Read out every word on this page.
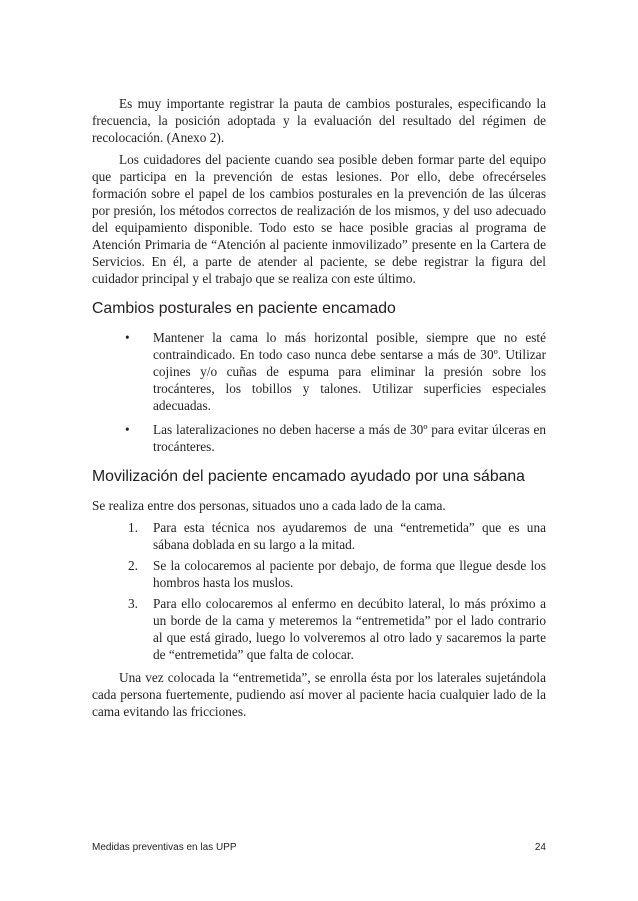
Es muy importante registrar la pauta de cambios posturales, especificando la frecuencia, la posición adoptada y la evaluación del resultado del régimen de recolocación. (Anexo 2).

Los cuidadores del paciente cuando sea posible deben formar parte del equipo que participa en la prevención de estas lesiones. Por ello, debe ofrecérseles formación sobre el papel de los cambios posturales en la prevención de las úlceras por presión, los métodos correctos de realización de los mismos, y del uso adecuado del equipamiento disponible. Todo esto se hace posible gracias al programa de Atención Primaria de “Atención al paciente inmovilizado” presente en la Cartera de Servicios. En él, a parte de atender al paciente, se debe registrar la figura del cuidador principal y el trabajo que se realiza con este último.

Cambios posturales en paciente encamado
• Mantener la cama lo más horizontal posible, siempre que no esté contraindicado. En todo caso nunca debe sentarse a más de 30º. Utilizar cojines y/o cuñas de espuma para eliminar la presión sobre los trocánteres, los tobillos y talones. Utilizar superficies especiales adecuadas.
• Las lateralizaciones no deben hacerse a más de 30º para evitar úlceras en trocánteres.
Movilización del paciente encamado ayudado por una sábana

Se realiza entre dos personas, situados uno a cada lado de la cama.

1. Para esta técnica nos ayudaremos de una “entremetida” que es una sábana doblada en su largo a la mitad.
2. Se la colocaremos al paciente por debajo, de forma que llegue desde los hombros hasta los muslos.
3. Para ello colocaremos al enfermo en decúbito lateral, lo más próximo a un borde de la cama y meteremos la “entremetida” por el lado contrario al que está girado, luego lo volveremos al otro lado y sacaremos la parte de “entremetida” que falta de colocar.

Una vez colocada la “entremetida”, se enrolla ésta por los laterales sujetándola cada persona fuertemente, pudiendo así mover al paciente hacia cualquier lado de la cama evitando las fricciones.

Medidas preventivas en las UPP	24
